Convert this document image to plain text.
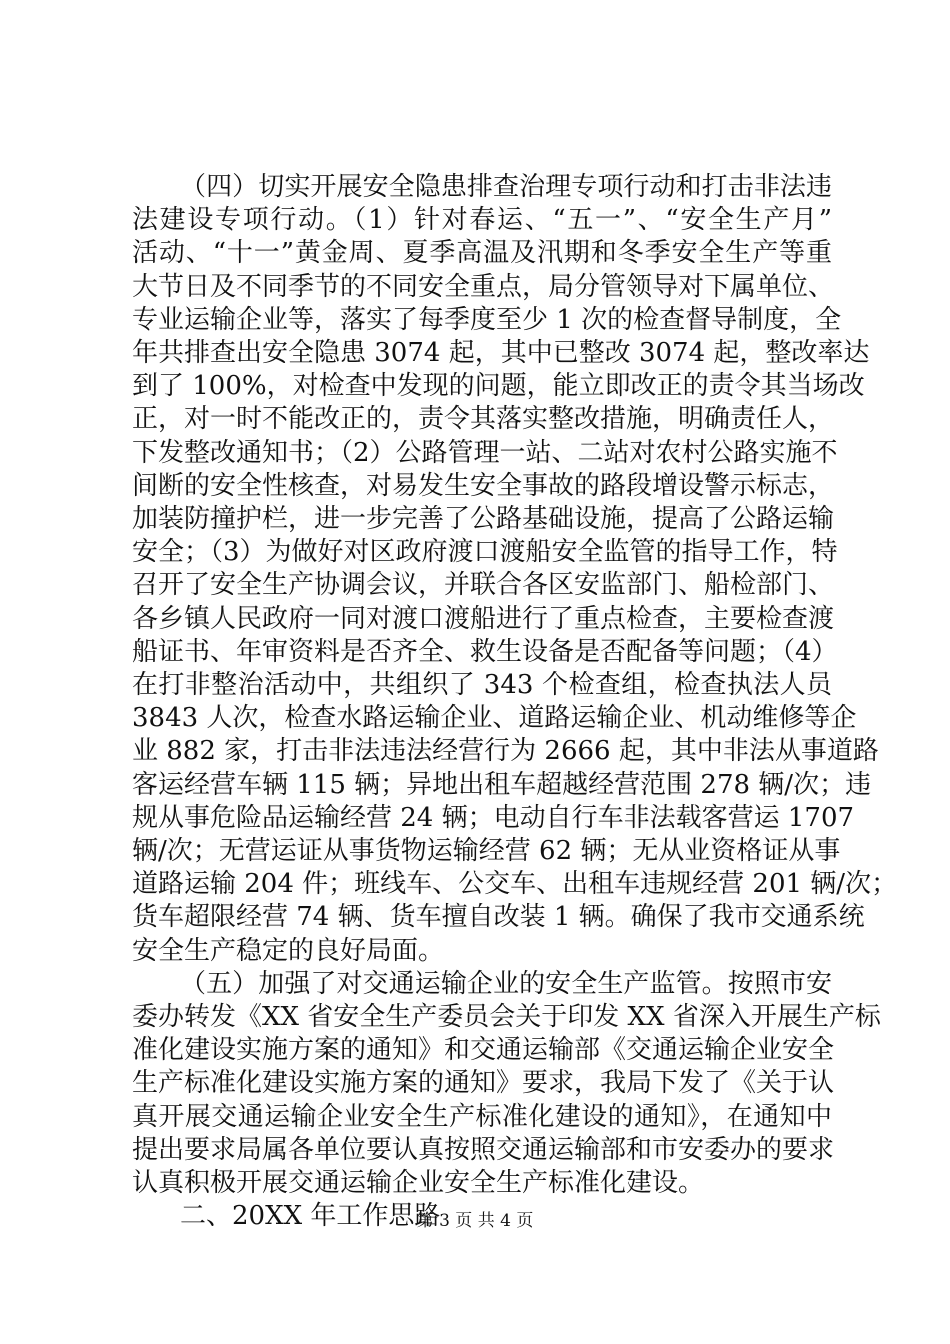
（四）切实开展安全隐患排查治理专项行动和打击非法违
法建设专项行动。（1）针对春运、“五一”、“安全生产月”
活动、“十一”黄金周、夏季高温及汛期和冬季安全生产等重
大节日及不同季节的不同安全重点，局分管领导对下属单位、
专业运输企业等，落实了每季度至少 1 次的检查督导制度，全
年共排查出安全隐患 3074 起，其中已整改 3074 起，整改率达
到了 100%，对检查中发现的问题，能立即改正的责令其当场改
正，对一时不能改正的，责令其落实整改措施，明确责任人，
下发整改通知书；（2）公路管理一站、二站对农村公路实施不
间断的安全性核查，对易发生安全事故的路段增设警示标志，
加装防撞护栏，进一步完善了公路基础设施，提高了公路运输
安全；（3）为做好对区政府渡口渡船安全监管的指导工作，特
召开了安全生产协调会议，并联合各区安监部门、船检部门、
各乡镇人民政府一同对渡口渡船进行了重点检查，主要检查渡
船证书、年审资料是否齐全、救生设备是否配备等问题；（4）
在打非整治活动中，共组织了 343 个检查组，检查执法人员
3843 人次，检查水路运输企业、道路运输企业、机动维修等企
业 882 家，打击非法违法经营行为 2666 起，其中非法从事道路
客运经营车辆 115 辆；异地出租车超越经营范围 278 辆/次；违
规从事危险品运输经营 24 辆；电动自行车非法载客营运 1707
辆/次；无营运证从事货物运输经营 62 辆；无从业资格证从事
道路运输 204 件；班线车、公交车、出租车违规经营 201 辆/次；
货车超限经营 74 辆、货车擅自改装 1 辆。确保了我市交通系统
安全生产稳定的良好局面。
（五）加强了对交通运输企业的安全生产监管。按照市安
委办转发《XX 省安全生产委员会关于印发 XX 省深入开展生产标
准化建设实施方案的通知》和交通运输部《交通运输企业安全
生产标准化建设实施方案的通知》要求，我局下发了《关于认
真开展交通运输企业安全生产标准化建设的通知》，在通知中
提出要求局属各单位要认真按照交通运输部和市安委办的要求
认真积极开展交通运输企业安全生产标准化建设。
二、20XX 年工作思路
第 3 页 共 4 页
